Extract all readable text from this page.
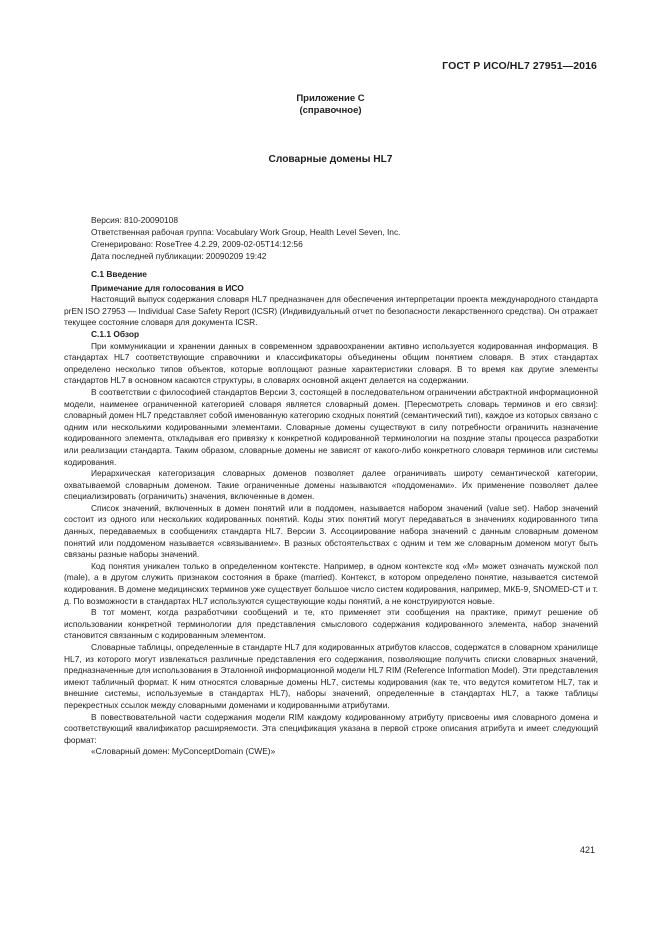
ГОСТ Р ИСО/HL7 27951—2016
Приложение С
(справочное)
Словарные домены HL7
Версия: 810-20090108
Ответственная рабочая группа: Vocabulary Work Group, Health Level Seven, Inc.
Сгенерировано: RoseTree 4.2.29, 2009-02-05T14:12:56
Дата последней публикации: 20090209 19:42
С.1 Введение
Примечание для голосования в ИСО

Настоящий выпуск содержания словаря HL7 предназначен для обеспечения интерпретации проекта международного стандарта prEN ISO 27953 — Individual Case Safety Report (ICSR) (Индивидуальный отчет по безопасности лекарственного средства). Он отражает текущее состояние словаря для документа ICSR.

С.1.1 Обзор

При коммуникации и хранении данных в современном здравоохранении активно используется кодированная информация. В стандартах HL7 соответствующие справочники и классификаторы объединены общим понятием словаря. В этих стандартах определено несколько типов объектов, которые воплощают разные характеристики словаря. В то время как другие элементы стандартов HL7 в основном касаются структуры, в словарях основной акцент делается на содержании.

В соответствии с философией стандартов Версии 3, состоящей в последовательном ограничении абстрактной информационной модели, наименее ограниченной категорией словаря является словарный домен. [Пересмотреть словарь терминов и его связи]: словарный домен HL7 представляет собой именованную категорию сходных понятий (семантический тип), каждое из которых связано с одним или несколькими кодированными элементами. Словарные домены существуют в силу потребности ограничить назначение кодированного элемента, откладывая его привязку к конкретной кодированной терминологии на поздние этапы процесса разработки или реализации стандарта. Таким образом, словарные домены не зависят от какого-либо конкретного словаря терминов или системы кодирования.

Иерархическая категоризация словарных доменов позволяет далее ограничивать широту семантической категории, охватываемой словарным доменом. Такие ограниченные домены называются «поддоменами». Их применение позволяет далее специализировать (ограничить) значения, включенные в домен.

Список значений, включенных в домен понятий или в поддомен, называется набором значений (value set). Набор значений состоит из одного или нескольких кодированных понятий. Коды этих понятий могут передаваться в значениях кодированного типа данных, передаваемых в сообщениях стандарта HL7. Версии 3. Ассоциирование набора значений с данным словарным доменом понятий или поддоменом называется «связыванием». В разных обстоятельствах с одним и тем же словарным доменом могут быть связаны разные наборы значений.

Код понятия уникален только в определенном контексте. Например, в одном контексте код «M» может означать мужской пол (male), а в другом служить признаком состояния в браке (married). Контекст, в котором определено понятие, называется системой кодирования. В домене медицинских терминов уже существует большое число систем кодирования, например, МКБ-9, SNOMED-CT и т. д. По возможности в стандартах HL7 используются существующие коды понятий, а не конструируются новые.

В тот момент, когда разработчики сообщений и те, кто применяет эти сообщения на практике, примут решение об использовании конкретной терминологии для представления смыслового содержания кодированного элемента, набор значений становится связанным с кодированным элементом.

Словарные таблицы, определенные в стандарте HL7 для кодированных атрибутов классов, содержатся в словарном хранилище HL7, из которого могут извлекаться различные представления его содержания, позволяющие получить списки словарных значений, предназначенные для использования в Эталонной информационной модели HL7 RIM (Reference Information Model). Эти представления имеют табличный формат. К ним относятся словарные домены HL7, системы кодирования (как те, что ведутся комитетом HL7, так и внешние системы, используемые в стандартах HL7), наборы значений, определенные в стандартах HL7, а также таблицы перекрестных ссылок между словарными доменами и кодированными атрибутами.

В повествовательной части содержания модели RIM каждому кодированному атрибуту присвоены имя словарного домена и соответствующий квалификатор расширяемости. Эта спецификация указана в первой строке описания атрибута и имеет следующий формат:

«Словарный домен: MyConceptDomain (CWE)»

421
